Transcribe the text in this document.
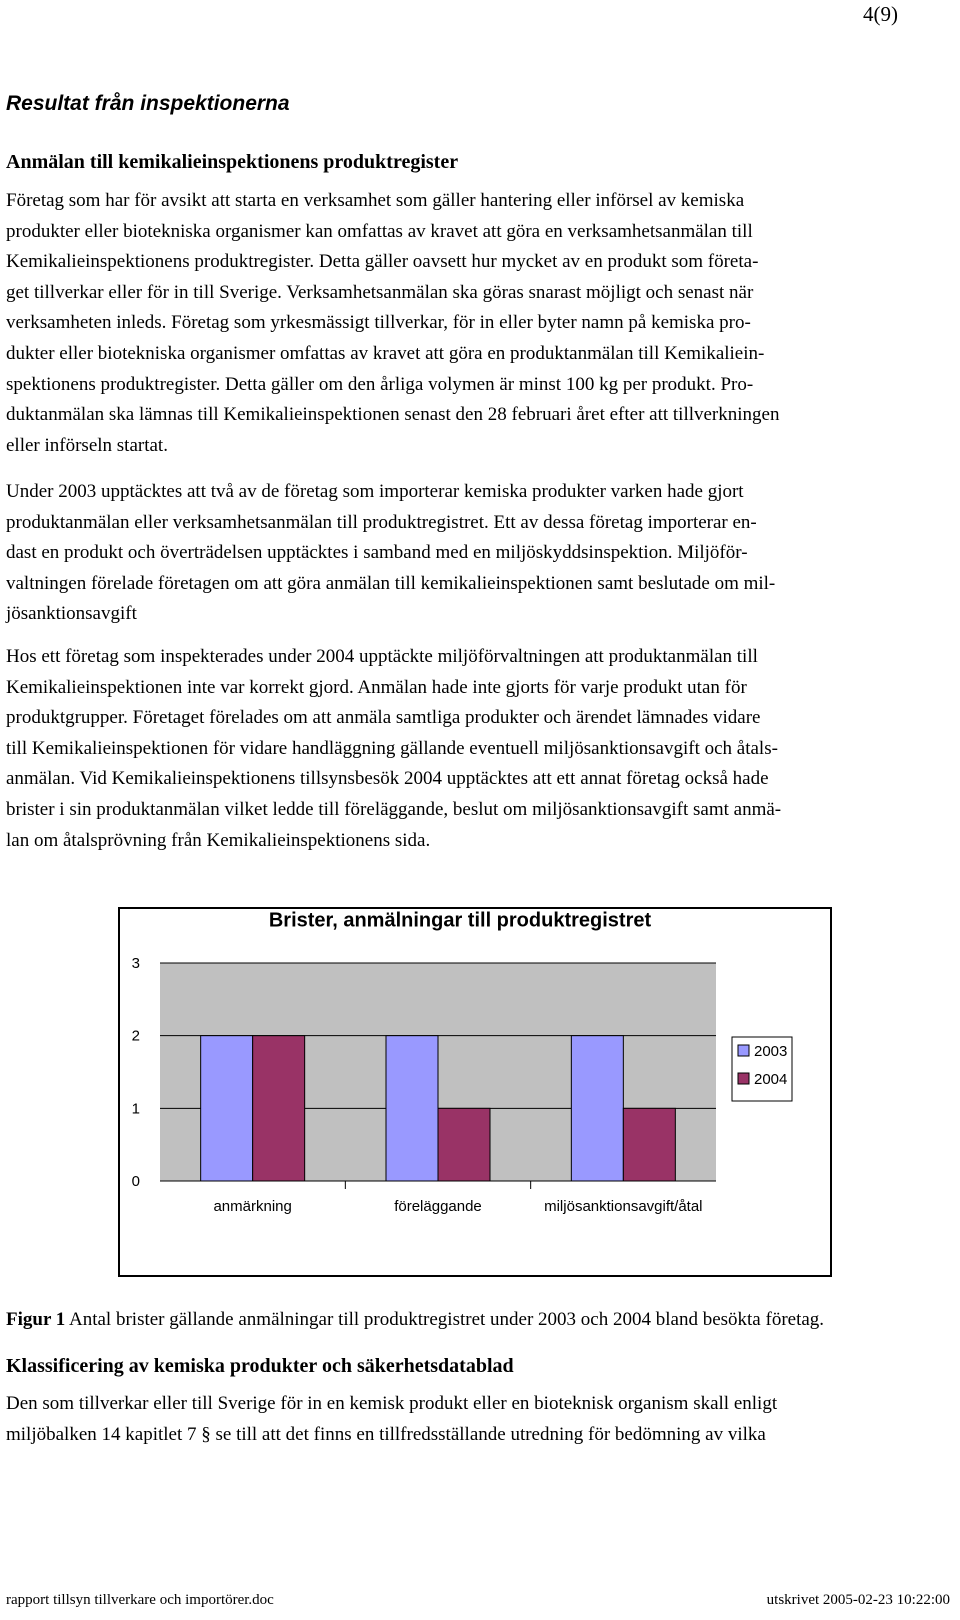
4(9)
Resultat från inspektionerna
Anmälan till kemikalieinspektionens produktregister
Företag som har för avsikt att starta en verksamhet som gäller hantering eller införsel av kemiska
produkter eller biotekniska organismer kan omfattas av kravet att göra en verksamhetsanmälan till
Kemikalieinspektionens produktregister. Detta gäller oavsett hur mycket av en produkt som företa-
get tillverkar eller för in till Sverige. Verksamhetsanmälan ska göras snarast möjligt och senast när
verksamheten inleds. Företag som yrkesmässigt tillverkar, för in eller byter namn på kemiska pro-
dukter eller biotekniska organismer omfattas av kravet att göra en produktanmälan till Kemikaliein-
spektionens produktregister. Detta gäller om den årliga volymen är minst 100 kg per produkt. Pro-
duktanmälan ska lämnas till Kemikalieinspektionen senast den 28 februari året efter att tillverkningen
eller införseln startat.
Under 2003 upptäcktes att två av de företag som importerar kemiska produkter varken hade gjort
produktanmälan eller verksamhetsanmälan till produktregistret. Ett av dessa företag importerar en-
dast en produkt och överträdelsen upptäcktes i samband med en miljöskyddsinspektion. Miljöför-
valtningen förelade företagen om att göra anmälan till kemikalieinspektionen samt beslutade om mil-
jösanktionsavgift
Hos ett företag som inspekterades under 2004 upptäckte miljöförvaltningen att produktanmälan till
Kemikalieinspektionen inte var korrekt gjord. Anmälan hade inte gjorts för varje produkt utan för
produktgrupper. Företaget förelades om att anmäla samtliga produkter och ärendet lämnades vidare
till Kemikalieinspektionen för vidare handläggning gällande eventuell miljösanktionsavgift och åtals-
anmälan. Vid Kemikalieinspektionens tillsynsbesök 2004 upptäcktes att ett annat företag också hade
brister i sin produktanmälan vilket ledde till föreläggande, beslut om miljösanktionsavgift samt anmä-
lan om åtalsprövning från Kemikalieinspektionens sida.
Brister, anmälningar till produktregistret
0
1
2
3
anmärkning	föreläggande	miljösanktionsavgift/åtal
2003
2004

Figur 1 Antal brister gällande anmälningar till produktregistret under 2003 och 2004 bland besökta företag.

Klassificering av kemiska produkter och säkerhetsdatablad
Den som tillverkar eller till Sverige för in en kemisk produkt eller en bioteknisk organism skall enligt
miljöbalken 14 kapitlet 7 § se till att det finns en tillfredsställande utredning för bedömning av vilka
rapport tillsyn tillverkare och importörer.doc	utskrivet 2005-02-23 10:22:00
